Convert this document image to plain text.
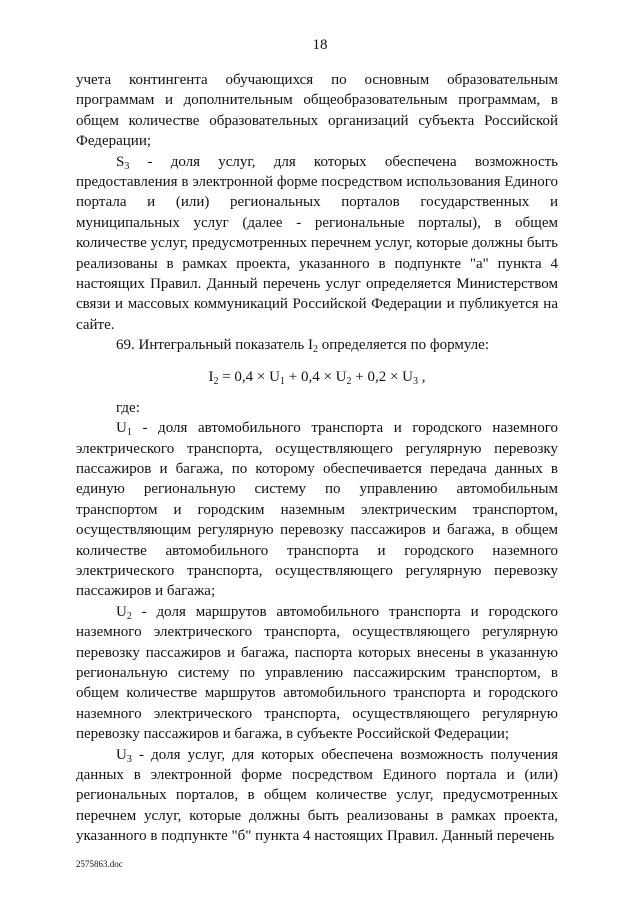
18

учета контингента обучающихся по основным образовательным программам и дополнительным общеобразовательным программам, в общем количестве образовательных организаций субъекта Российской Федерации;

$S_3$ - доля услуг, для которых обеспечена возможность предоставления в электронной форме посредством использования Единого портала и (или) региональных порталов государственных и муниципальных услуг (далее - региональные порталы), в общем количестве услуг, предусмотренных перечнем услуг, которые должны быть реализованы в рамках проекта, указанного в подпункте "а" пункта 4 настоящих Правил. Данный перечень услуг определяется Министерством связи и массовых коммуникаций Российской Федерации и публикуется на сайте.

69. Интегральный показатель $I_2$ определяется по формуле:

$I_2 = 0,4 \times U_1 + 0,4 \times U_2 + 0,2 \times U_3$ ,

где:

$U_1$ - доля автомобильного транспорта и городского наземного электрического транспорта, осуществляющего регулярную перевозку пассажиров и багажа, по которому обеспечивается передача данных в единую региональную систему по управлению автомобильным транспортом и городским наземным электрическим транспортом, осуществляющим регулярную перевозку пассажиров и багажа, в общем количестве автомобильного транспорта и городского наземного электрического транспорта, осуществляющего регулярную перевозку пассажиров и багажа;

$U_2$ - доля маршрутов автомобильного транспорта и городского наземного электрического транспорта, осуществляющего регулярную перевозку пассажиров и багажа, паспорта которых внесены в указанную региональную систему по управлению пассажирским транспортом, в общем количестве маршрутов автомобильного транспорта и городского наземного электрического транспорта, осуществляющего регулярную перевозку пассажиров и багажа, в субъекте Российской Федерации;

$U_3$ - доля услуг, для которых обеспечена возможность получения данных в электронной форме посредством Единого портала и (или) региональных порталов, в общем количестве услуг, предусмотренных перечнем услуг, которые должны быть реализованы в рамках проекта, указанного в подпункте "б" пункта 4 настоящих Правил. Данный перечень

2575863.doc
